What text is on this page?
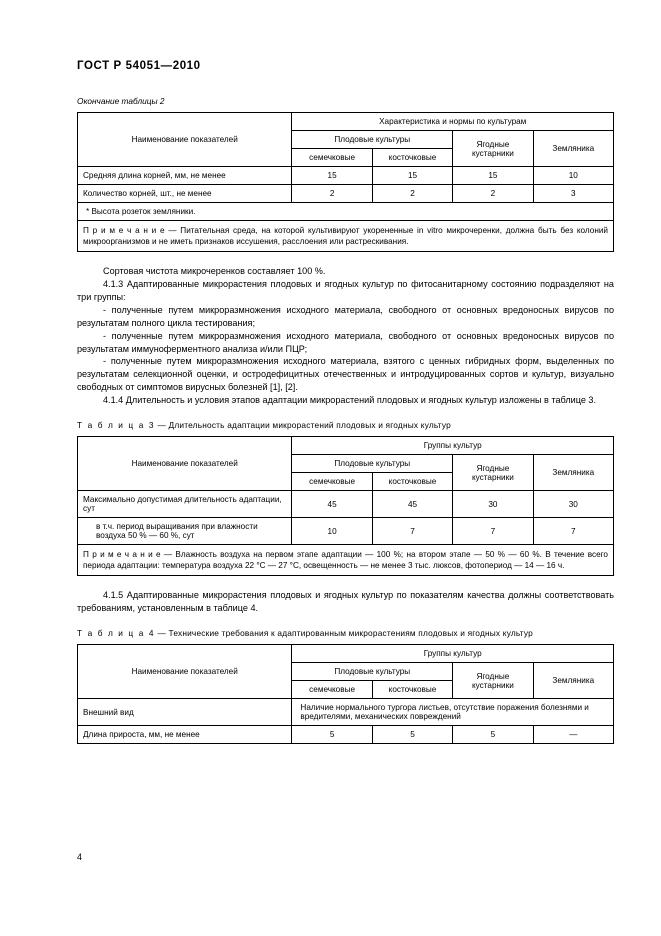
ГОСТ Р 54051—2010
Окончание таблицы 2
Наименование показателей	Характеристика и нормы по культурам			
	Плодовые культуры		Ягодные
кустарники	Земляника
	семечковые	косточковые		
Средняя длина корней, мм, не менее	15	15	15	10
Количество корней, шт., не менее	2	2	2	3
* Высота розеток земляники.				
П р и м е ч а н и е — Питательная среда, на которой культивируют укорененные in vitro микрочеренки, должна быть без колоний микроорганизмов и не иметь признаков иссушения, расслоения или растрескивания.				

Сортовая чистота микрочеренков составляет 100 %.

4.1.3 Адаптированные микрорастения плодовых и ягодных культур по фитосанитарному состоянию подразделяют на три группы:

- полученные путем микроразмножения исходного материала, свободного от основных вредоносных вирусов по результатам полного цикла тестирования;

- полученные путем микроразмножения исходного материала, свободного от основных вредоносных вирусов по результатам иммуноферментного анализа и/или ПЦР;

- полученные путем микроразмножения исходного материала, взятого с ценных гибридных форм, выделенных по результатам селекционной оценки, и остродефицитных отечественных и интродуцированных сортов и культур, визуально свободных от симптомов вирусных болезней [1], [2].

4.1.4 Длительность и условия этапов адаптации микрорастений плодовых и ягодных культур изложены в таблице 3.

Т а б л и ц а 3 — Длительность адаптации микрорастений плодовых и ягодных культур
Наименование показателей	Группы культур			
	Плодовые культуры		Ягодные
кустарники	Земляника
	семечковые	косточковые		
Максимально допустимая длительность адаптации, сут	45	45	30	30
в т.ч. период выращивания при влажности воздуха 50 % — 60 %, сут	10	7	7	7
П р и м е ч а н и е — Влажность воздуха на первом этапе адаптации — 100 %; на втором этапе — 50 % — 60 %. В течение всего периода адаптации: температура воздуха 22 °С — 27 °С, освещенность — не менее 3 тыс. люксов, фотопериод — 14 — 16 ч.				

4.1.5 Адаптированные микрорастения плодовых и ягодных культур по показателям качества должны соответствовать требованиям, установленным в таблице 4.

Т а б л и ц а 4 — Технические требования к адаптированным микрорастениям плодовых и ягодных культур
Наименование показателей	Группы культур			
	Плодовые культуры		Ягодные
кустарники	Земляника
	семечковые	косточковые		
Внешний вид	Наличие нормального тургора листьев, отсутствие поражения болезнями и вредителями, механических повреждений			
Длина прироста, мм, не менее	5	5	5	—
4
